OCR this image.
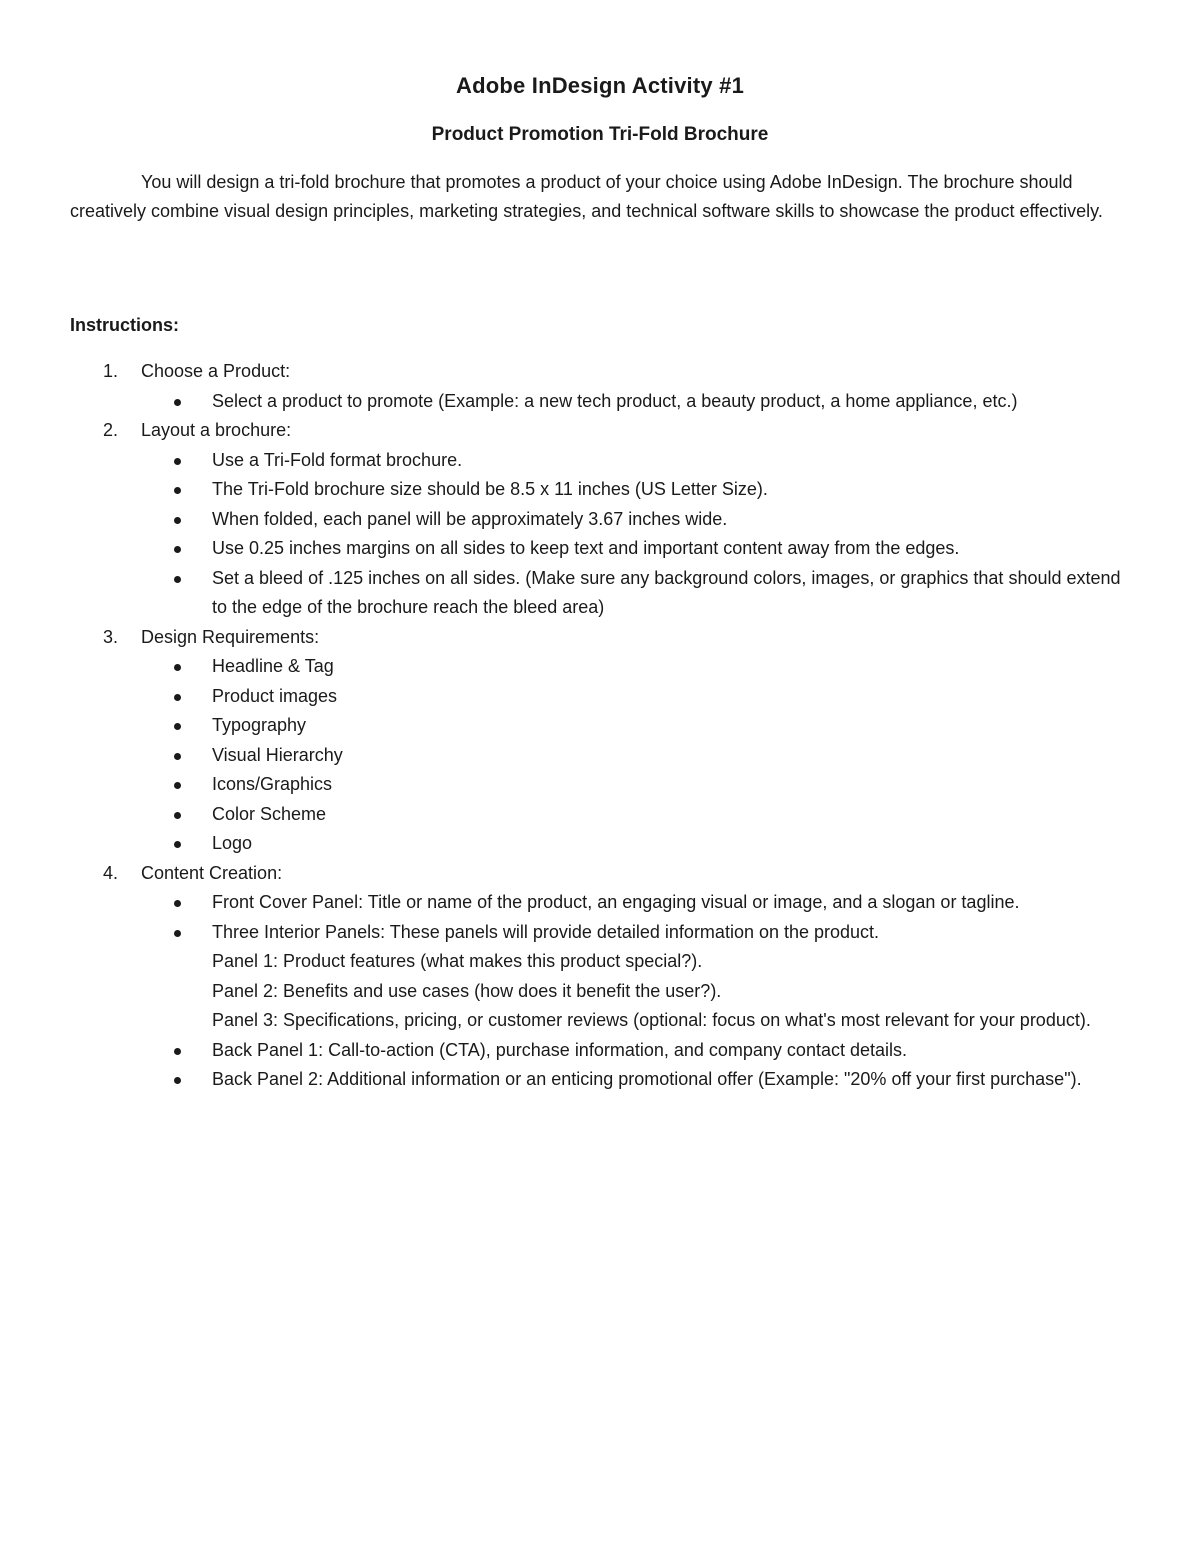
Adobe InDesign Activity #1
Product Promotion Tri-Fold Brochure

You will design a tri-fold brochure that promotes a product of your choice using Adobe InDesign. The brochure should creatively combine visual design principles, marketing strategies, and technical software skills to showcase the product effectively.

Instructions:
1. Choose a Product:
Select a product to promote (Example: a new tech product, a beauty product, a home appliance, etc.)
2. Layout a brochure:
Use a Tri-Fold format brochure.
The Tri-Fold brochure size should be 8.5 x 11 inches (US Letter Size).
When folded, each panel will be approximately 3.67 inches wide.
Use 0.25 inches margins on all sides to keep text and important content away from the edges.
Set a bleed of .125 inches on all sides. (Make sure any background colors, images, or graphics that should extend to the edge of the brochure reach the bleed area)
3. Design Requirements:
Headline & Tag
Product images
Typography
Visual Hierarchy
Icons/Graphics
Color Scheme
Logo
4. Content Creation:
Front Cover Panel: Title or name of the product, an engaging visual or image, and a slogan or tagline.
Three Interior Panels: These panels will provide detailed information on the product.
Panel 1: Product features (what makes this product special?).
Panel 2: Benefits and use cases (how does it benefit the user?).
Panel 3: Specifications, pricing, or customer reviews (optional: focus on what's most relevant for your product).
Back Panel 1: Call-to-action (CTA), purchase information, and company contact details.
Back Panel 2: Additional information or an enticing promotional offer (Example: "20% off your first purchase").
